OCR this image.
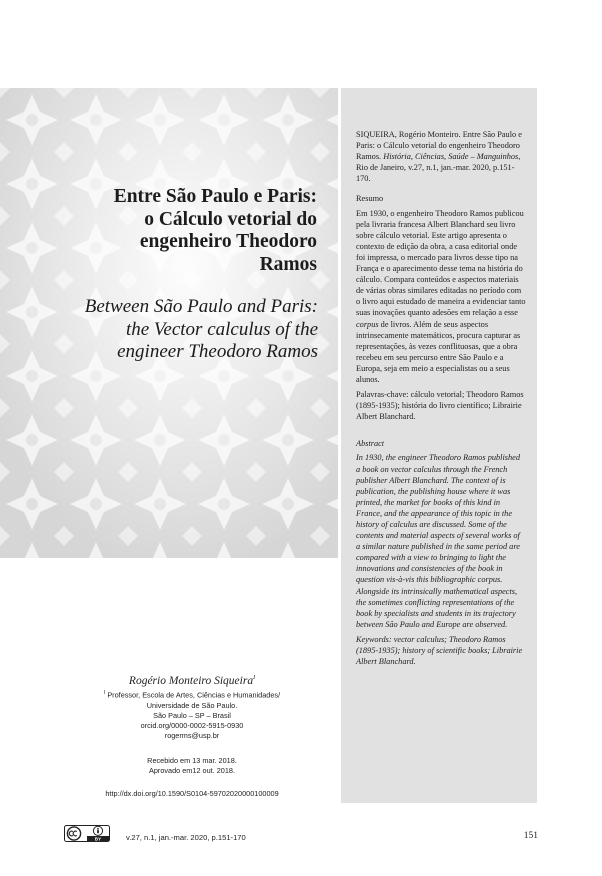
Entre São Paulo e Paris:
o Cálculo vetorial do
engenheiro Theodoro
Ramos
Between São Paulo and Paris:
the Vector calculus of the
engineer Theodoro Ramos
Rogério Monteiro Siqueira$^I$
$^I$ Professor, Escola de Artes, Ciências e Humanidades/
Universidade de São Paulo.
São Paulo – SP – Brasil
orcid.org/0000-0002-5915-0930
rogerms@usp.br
Recebido em 13 mar. 2018.
Aprovado em12 out. 2018.
http://dx.doi.org/10.1590/S0104-59702020000100009

SIQUEIRA, Rogério Monteiro. Entre São Paulo e Paris: o Cálculo vetorial do engenheiro Theodoro Ramos. História, Ciências, Saúde – Manguinhos, Rio de Janeiro, v.27, n.1, jan.-mar. 2020, p.151-170.

Resumo

Em 1930, o engenheiro Theodoro Ramos publicou pela livraria francesa Albert Blanchard seu livro sobre cálculo vetorial. Este artigo apresenta o contexto de edição da obra, a casa editorial onde foi impressa, o mercado para livros desse tipo na França e o aparecimento desse tema na história do cálculo. Compara conteúdos e aspectos materiais de várias obras similares editadas no período com o livro aqui estudado de maneira a evidenciar tanto suas inovações quanto adesões em relação a esse corpus de livros. Além de seus aspectos intrinsecamente matemáticos, procura capturar as representações, às vezes conflituosas, que a obra recebeu em seu percurso entre São Paulo e a Europa, seja em meio a especialistas ou a seus alunos.

Palavras-chave: cálculo vetorial; Theodoro Ramos (1895-1935); história do livro científico; Librairie Albert Blanchard.

Abstract

In 1930, the engineer Theodoro Ramos published a book on vector calculus through the French publisher Albert Blanchard. The context of is publication, the publishing house where it was printed, the market for books of this kind in France, and the appearance of this topic in the history of calculus are discussed. Some of the contents and material aspects of several works of a similar nature published in the same period are compared with a view to bringing to light the innovations and consistencies of the book in question vis-à-vis this bibliographic corpus. Alongside its intrinsically mathematical aspects, the sometimes conflicting representations of the book by specialists and students in its trajectory between São Paulo and Europe are observed.

Keywords: vector calculus; Theodoro Ramos (1895-1935); history of scientific books; Librairie Albert Blanchard.

BY	v.27, n.1, jan.-mar. 2020, p.151-170	151
